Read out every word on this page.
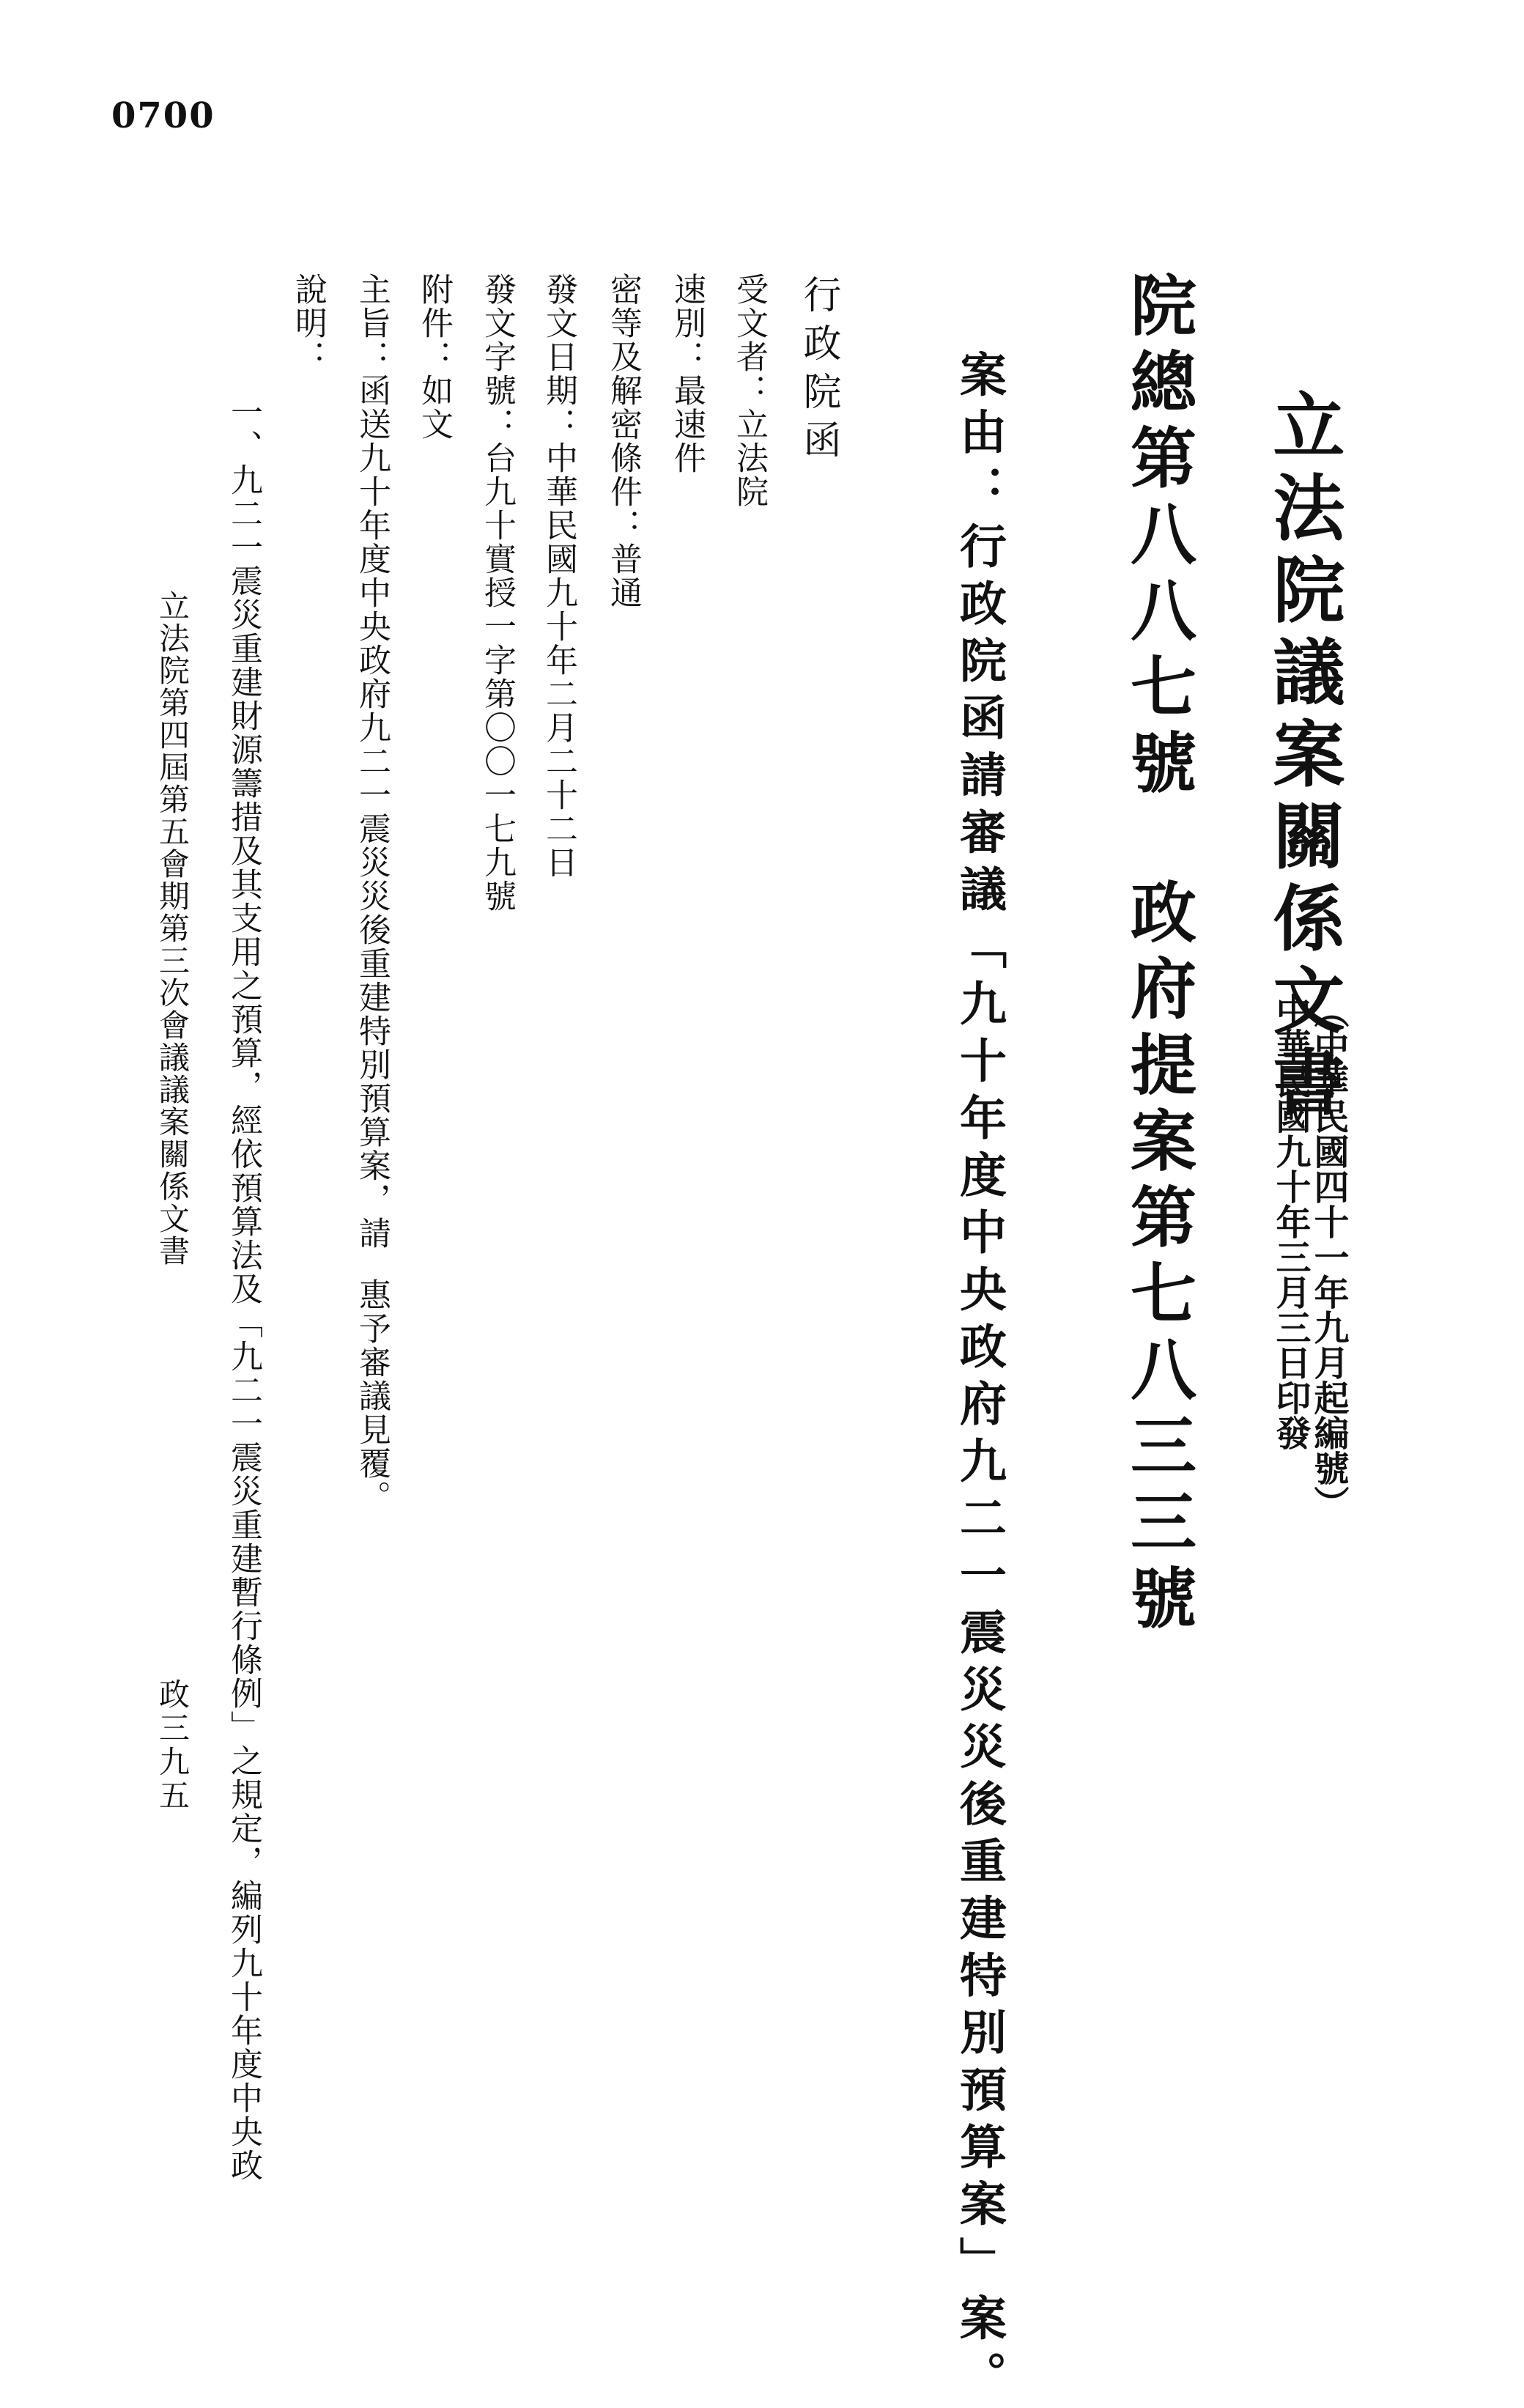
0700
立法院議案關係文書
（中華民國四十一年九月起編號）
中華民國九十年三月三日印發
院總第八八七號政府提案第七八三三號
案由：行政院函請審議「九十年度中央政府九二一震災災後重建特別預算案」案。
行政院函
受文者：立法院
速別：最速件
密等及解密條件：普通
發文日期：中華民國九十年二月二十二日
發文字號：台九十實授一字第〇〇一七九號
附件：如文
主旨：函送九十年度中央政府九二一震災災後重建特別預算案，請惠予審議見覆。
說明：
一、九二一震災重建財源籌措及其支用之預算，經依預算法及「九二一震災重建暫行條例」之規定，編列九十年度中央政
立法院第四屆第五會期第三次會議議案關係文書
政三九五
